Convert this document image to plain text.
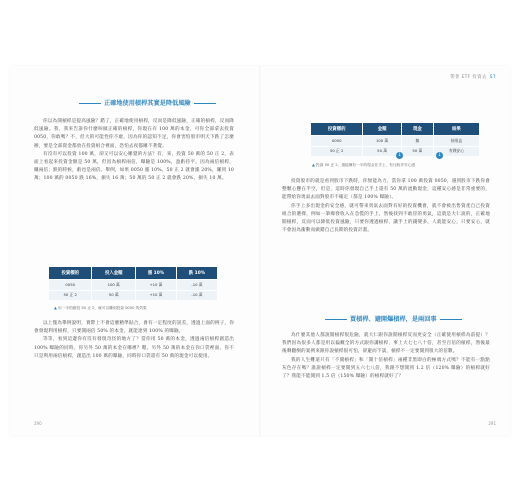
正確地使用槓桿其實是降低風險

你以為開槓桿是提高風險？錯了，正確地使用槓桿，反而是降低風險，正確的槓桿，反而降低風險。我，我來告訴你什麼叫做正確的槓桿，你現在有 100 萬的本金，可你全部拿去投資 0050，你敢嗎？不，但大的可能性你不敢，因為你的認知不足，你會害怕股市明天下跌了怎麼辦，要是全部資金都放在投資組合裡面，恐怕去夜都睡不著覺。

有沒有可以投資 100 萬，卻又可以安心睡覺的方法？有，來，投資 50 萬的 50 正 2，表面上看起來投資金額是 50 萬，但因為槓桿兩倍，曝險是 100%，盈虧持平。因為兩倍槓桿，賺兩倍；跌的時候，虧也是兩倍。舉例，如果 0050 漲 10%，50 正 2 就會漲 20%，賺到 10 萬；100 萬的 0050 跌 16%，損失 16 萬；50 萬的 50 正 2 就會跌 20%，損失 10 萬。

投資標的	投入金額	漲 10%	跌 10%
0050	100 萬	+10 萬	-10 萬
50 正 2	50 萬	+10 萬	-10 萬
▲ 用一半的錢投 50 正 2，就可以賺到投資 0050 的效果

以上僅為舉例說明，實際上不會這麼精準貼合，會有一定程度的誤差，透過上面的例子，你會發現利用槓桿，只要開兩倍 50% 的本金，就能達到 100% 的曝險。

等等，看到這邊你有沒有發現奇怪的地方了？當你用 50 萬的本金，透過兩倍槓桿創造出 100% 曝險的同時，你另外 50 萬的本金在哪裡？嗯，另外 50 萬的本金在你口袋裡面，你不只是利用兩倍槓桿，創造出 100 萬的曝險，同時你口袋還有 50 萬的現金可以使用。

290
帶著 ETF 投資去 S7
投資標的	金額	現金	結果
0050	100 萬	無	按兩盒
50 正 2	50 萬	50 萬	有錢安心
↓	↓
▲ 投資 50 正 2，還能擁有一半的現金在手上，有比較多安心感

投資股市的就是看到股市下跌時，你無能為力，當你拿 100 萬投資 0050，遇到股市下跌你會整顆心懸在半空，但是，這時你發現自己手上還有 50 萬的流動現金，這種安心感是非常重要的，能帶給你勇氣去面對股市不確定（都是 100% 曝險）。

你手上多出現金的安全感，就可帶來勇氣去面對有好的投資機會，就不會被出售資產自己投資組合的選擇，例如一筆爆發收入在急慌的手上，然後找到不敢冒的勇氣，這就是大仁說的，正確地開槓桿，反而可以降低投資風險，只要你透過槓桿，讓手上的錢變多，人就能安心，只要安心，就不會因為衝動而做錯自己長期的投資計畫。

買槓桿、避開爆槓桿，是兩回事

為什麼其他人都說開槓桿很危險，就大仁跟你說開槓桿反而更安全（正確使用槓桿為前提）？我們因為很多人都是用以偏概全的方式跟你講槓桿，事上大七七八十倍，甚至百倍的槓桿，然後最後剩翻倒的案例來跟你說槓桿很可怕，卻避而不談，槓桿不一定要開到很大的倍數。

我的人生難道只有「不開槓桿」和「開十倍槓桿」兩種非黑即白的極端方式嗎？不能有一點點灰色存在嗎？誰說槓桿一定要開到五六七八倍，我跟不想開到 1.2 倍（120% 曝險）的槓桿就好了？我能不能開到 1.5 倍（150% 曝險）的槓桿就好了？

291
